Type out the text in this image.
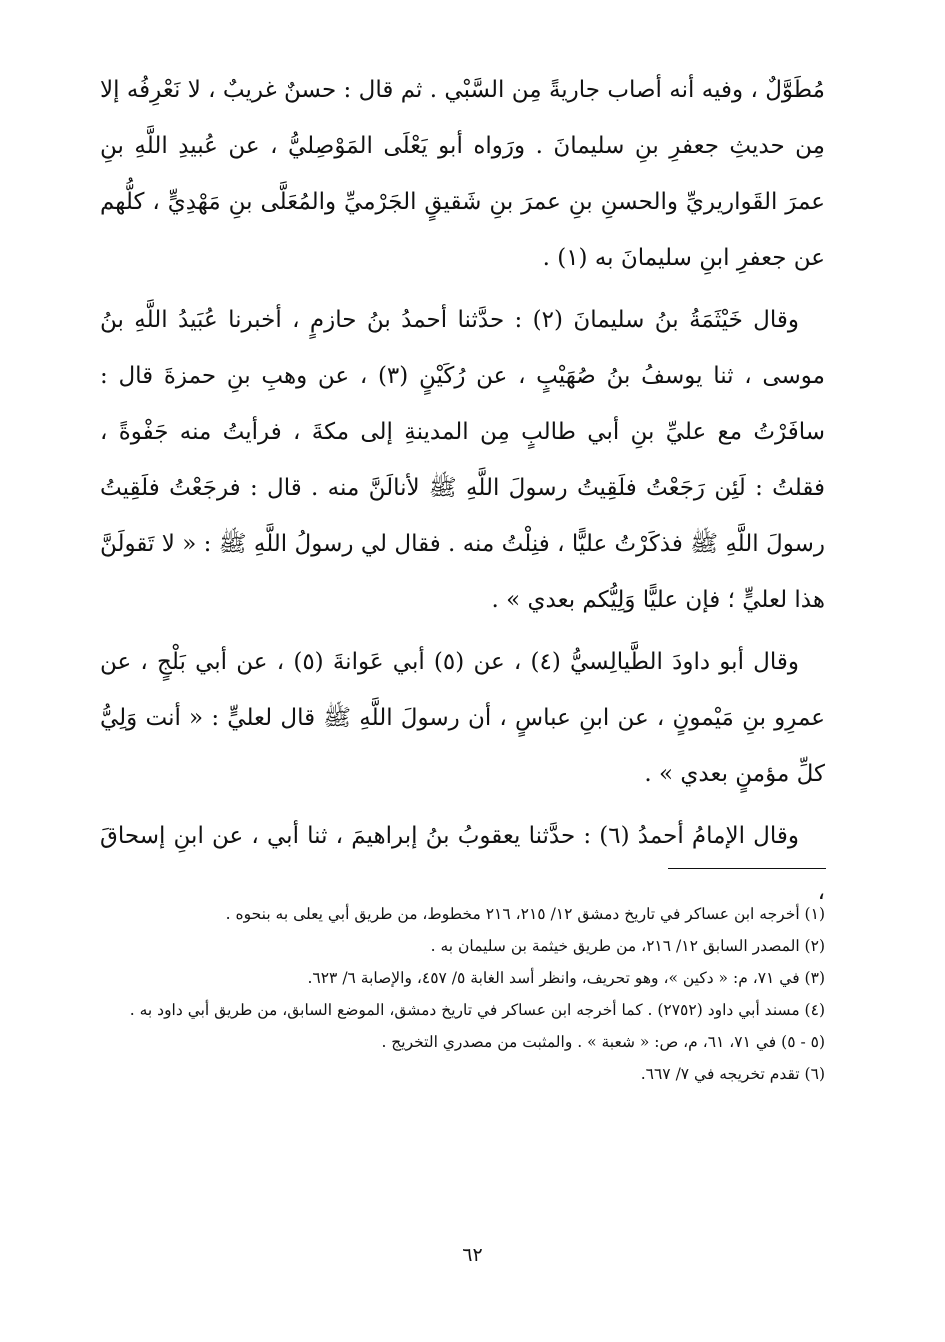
مُطَوَّلٌ ، وفيه أنه أصاب جاريةً مِن السَّبْي . ثم قال : حسنٌ غريبٌ ، لا نَعْرِفُه إلا مِن حديثِ جعفرِ بنِ سليمانَ . ورَواه أبو يَعْلَى المَوْصِليُّ ، عن عُبيدِ اللَّهِ بنِ عمرَ القَواريريِّ والحسنِ بنِ عمرَ بنِ شَقيقٍ الجَرْميِّ والمُعَلَّى بنِ مَهْدِيٍّ ، كلُّهم عن جعفرِ ابنِ سليمانَ به (١) .

وقال خَيْثَمَةُ بنُ سليمانَ (٢) : حدَّثنا أحمدُ بنُ حازمٍ ، أخبرنا عُبَيدُ اللَّهِ بنُ موسى ، ثنا يوسفُ بنُ صُهَيْبٍ ، عن رُكَيْنٍ (٣) ، عن وهبِ بنِ حمزةَ قال : سافَرْتُ مع عليِّ بنِ أبي طالبٍ مِن المدينةِ إلى مكةَ ، فرأيتُ منه جَفْوةً ، فقلتُ : لَئِن رَجَعْتُ فلَقِيتُ رسولَ اللَّهِ ﷺ لأنالَنَّ منه . قال : فرجَعْتُ فلَقِيتُ رسولَ اللَّهِ ﷺ فذكَرْتُ عليًّا ، فنِلْتُ منه . فقال لي رسولُ اللَّهِ ﷺ : « لا تَقولَنَّ هذا لعليٍّ ؛ فإن عليًّا وَلِيُّكم بعدي » .

وقال أبو داودَ الطَّيالِسيُّ (٤) ، عن (٥) أبي عَوانةَ (٥) ، عن أبي بَلْجٍ ، عن عمرِو بنِ مَيْمونٍ ، عن ابنِ عباسٍ ، أن رسولَ اللَّهِ ﷺ قال لعليٍّ : « أنت وَلِيُّ كلِّ مؤمنٍ بعدي » .

وقال الإمامُ أحمدُ (٦) : حدَّثنا يعقوبُ بنُ إبراهيمَ ، ثنا أبي ، عن ابنِ إسحاقَ ،

(١) أخرجه ابن عساكر في تاريخ دمشق ١٢/ ٢١٥، ٢١٦ مخطوط، من طريق أبي يعلى به بنحوه .

(٢) المصدر السابق ١٢/ ٢١٦، من طريق خيثمة بن سليمان به .

(٣) في ٧١، م: « دكين »، وهو تحريف، وانظر أسد الغابة ٥/ ٤٥٧، والإصابة ٦/ ٦٢٣.

(٤) مسند أبي داود (٢٧٥٢) . كما أخرجه ابن عساكر في تاريخ دمشق، الموضع السابق، من طريق أبي داود به .

(٥ - ٥) في ٧١، ٦١، م، ص: « شعبة » . والمثبت من مصدري التخريج .

(٦) تقدم تخريجه في ٧/ ٦٦٧.

٦٢
